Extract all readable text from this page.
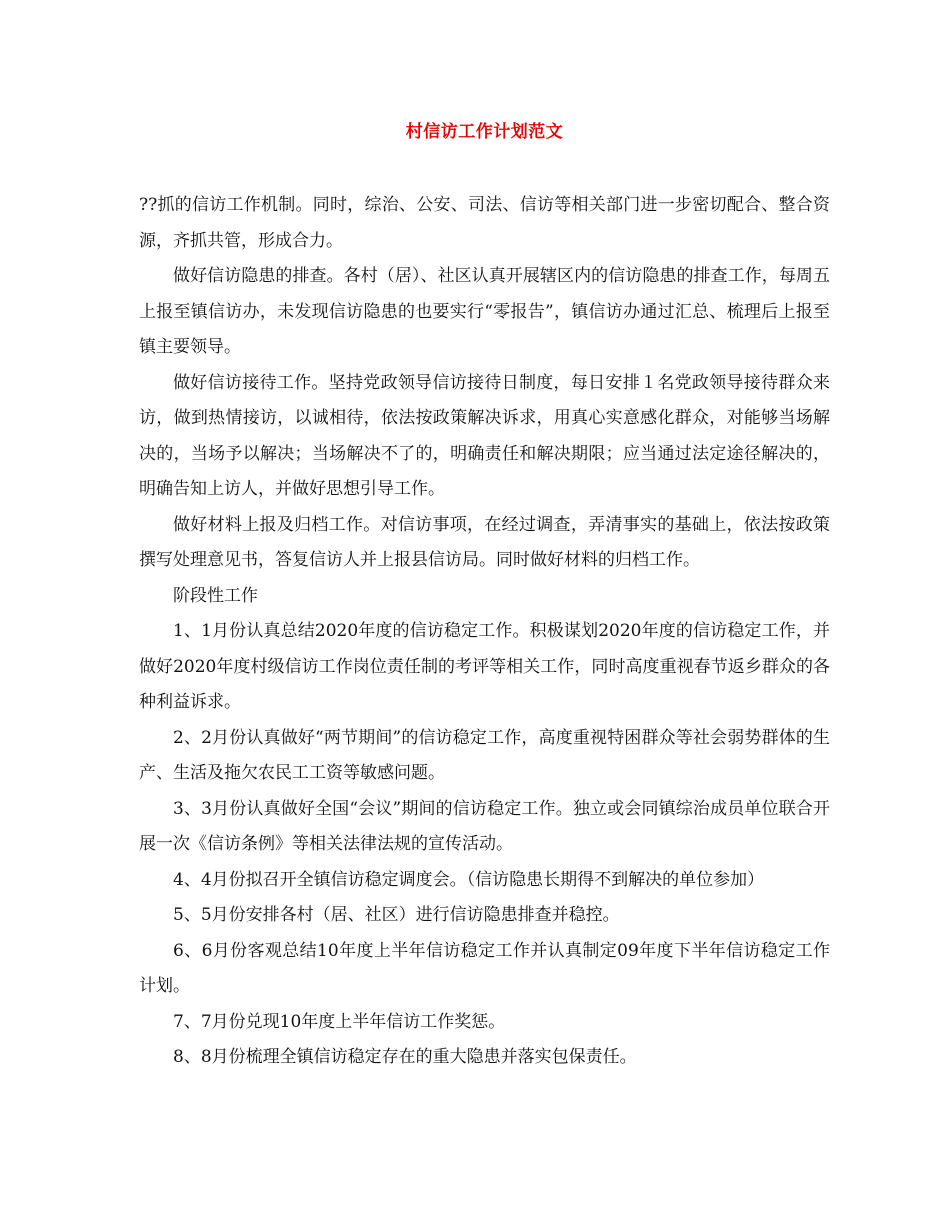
村信访工作计划范文

??抓的信访工作机制。同时，综治、公安、司法、信访等相关部门进一步密切配合、整合资源，齐抓共管，形成合力。

做好信访隐患的排查。各村（居）、社区认真开展辖区内的信访隐患的排查工作，每周五上报至镇信访办，未发现信访隐患的也要实行“零报告”，镇信访办通过汇总、梳理后上报至镇主要领导。

做好信访接待工作。坚持党政领导信访接待日制度，每日安排１名党政领导接待群众来访，做到热情接访，以诚相待，依法按政策解决诉求，用真心实意感化群众，对能够当场解决的，当场予以解决；当场解决不了的，明确责任和解决期限；应当通过法定途径解决的，明确告知上访人，并做好思想引导工作。

做好材料上报及归档工作。对信访事项，在经过调查，弄清事实的基础上，依法按政策撰写处理意见书，答复信访人并上报县信访局。同时做好材料的归档工作。

阶段性工作

1、1月份认真总结2020年度的信访稳定工作。积极谋划2020年度的信访稳定工作，并做好2020年度村级信访工作岗位责任制的考评等相关工作，同时高度重视春节返乡群众的各种利益诉求。

2、2月份认真做好“两节期间”的信访稳定工作，高度重视特困群众等社会弱势群体的生产、生活及拖欠农民工工资等敏感问题。

3、3月份认真做好全国“会议”期间的信访稳定工作。独立或会同镇综治成员单位联合开展一次《信访条例》等相关法律法规的宣传活动。

4、4月份拟召开全镇信访稳定调度会。（信访隐患长期得不到解决的单位参加）

5、5月份安排各村（居、社区）进行信访隐患排查并稳控。

6、6月份客观总结10年度上半年信访稳定工作并认真制定09年度下半年信访稳定工作计划。

7、7月份兑现10年度上半年信访工作奖惩。

8、8月份梳理全镇信访稳定存在的重大隐患并落实包保责任。
